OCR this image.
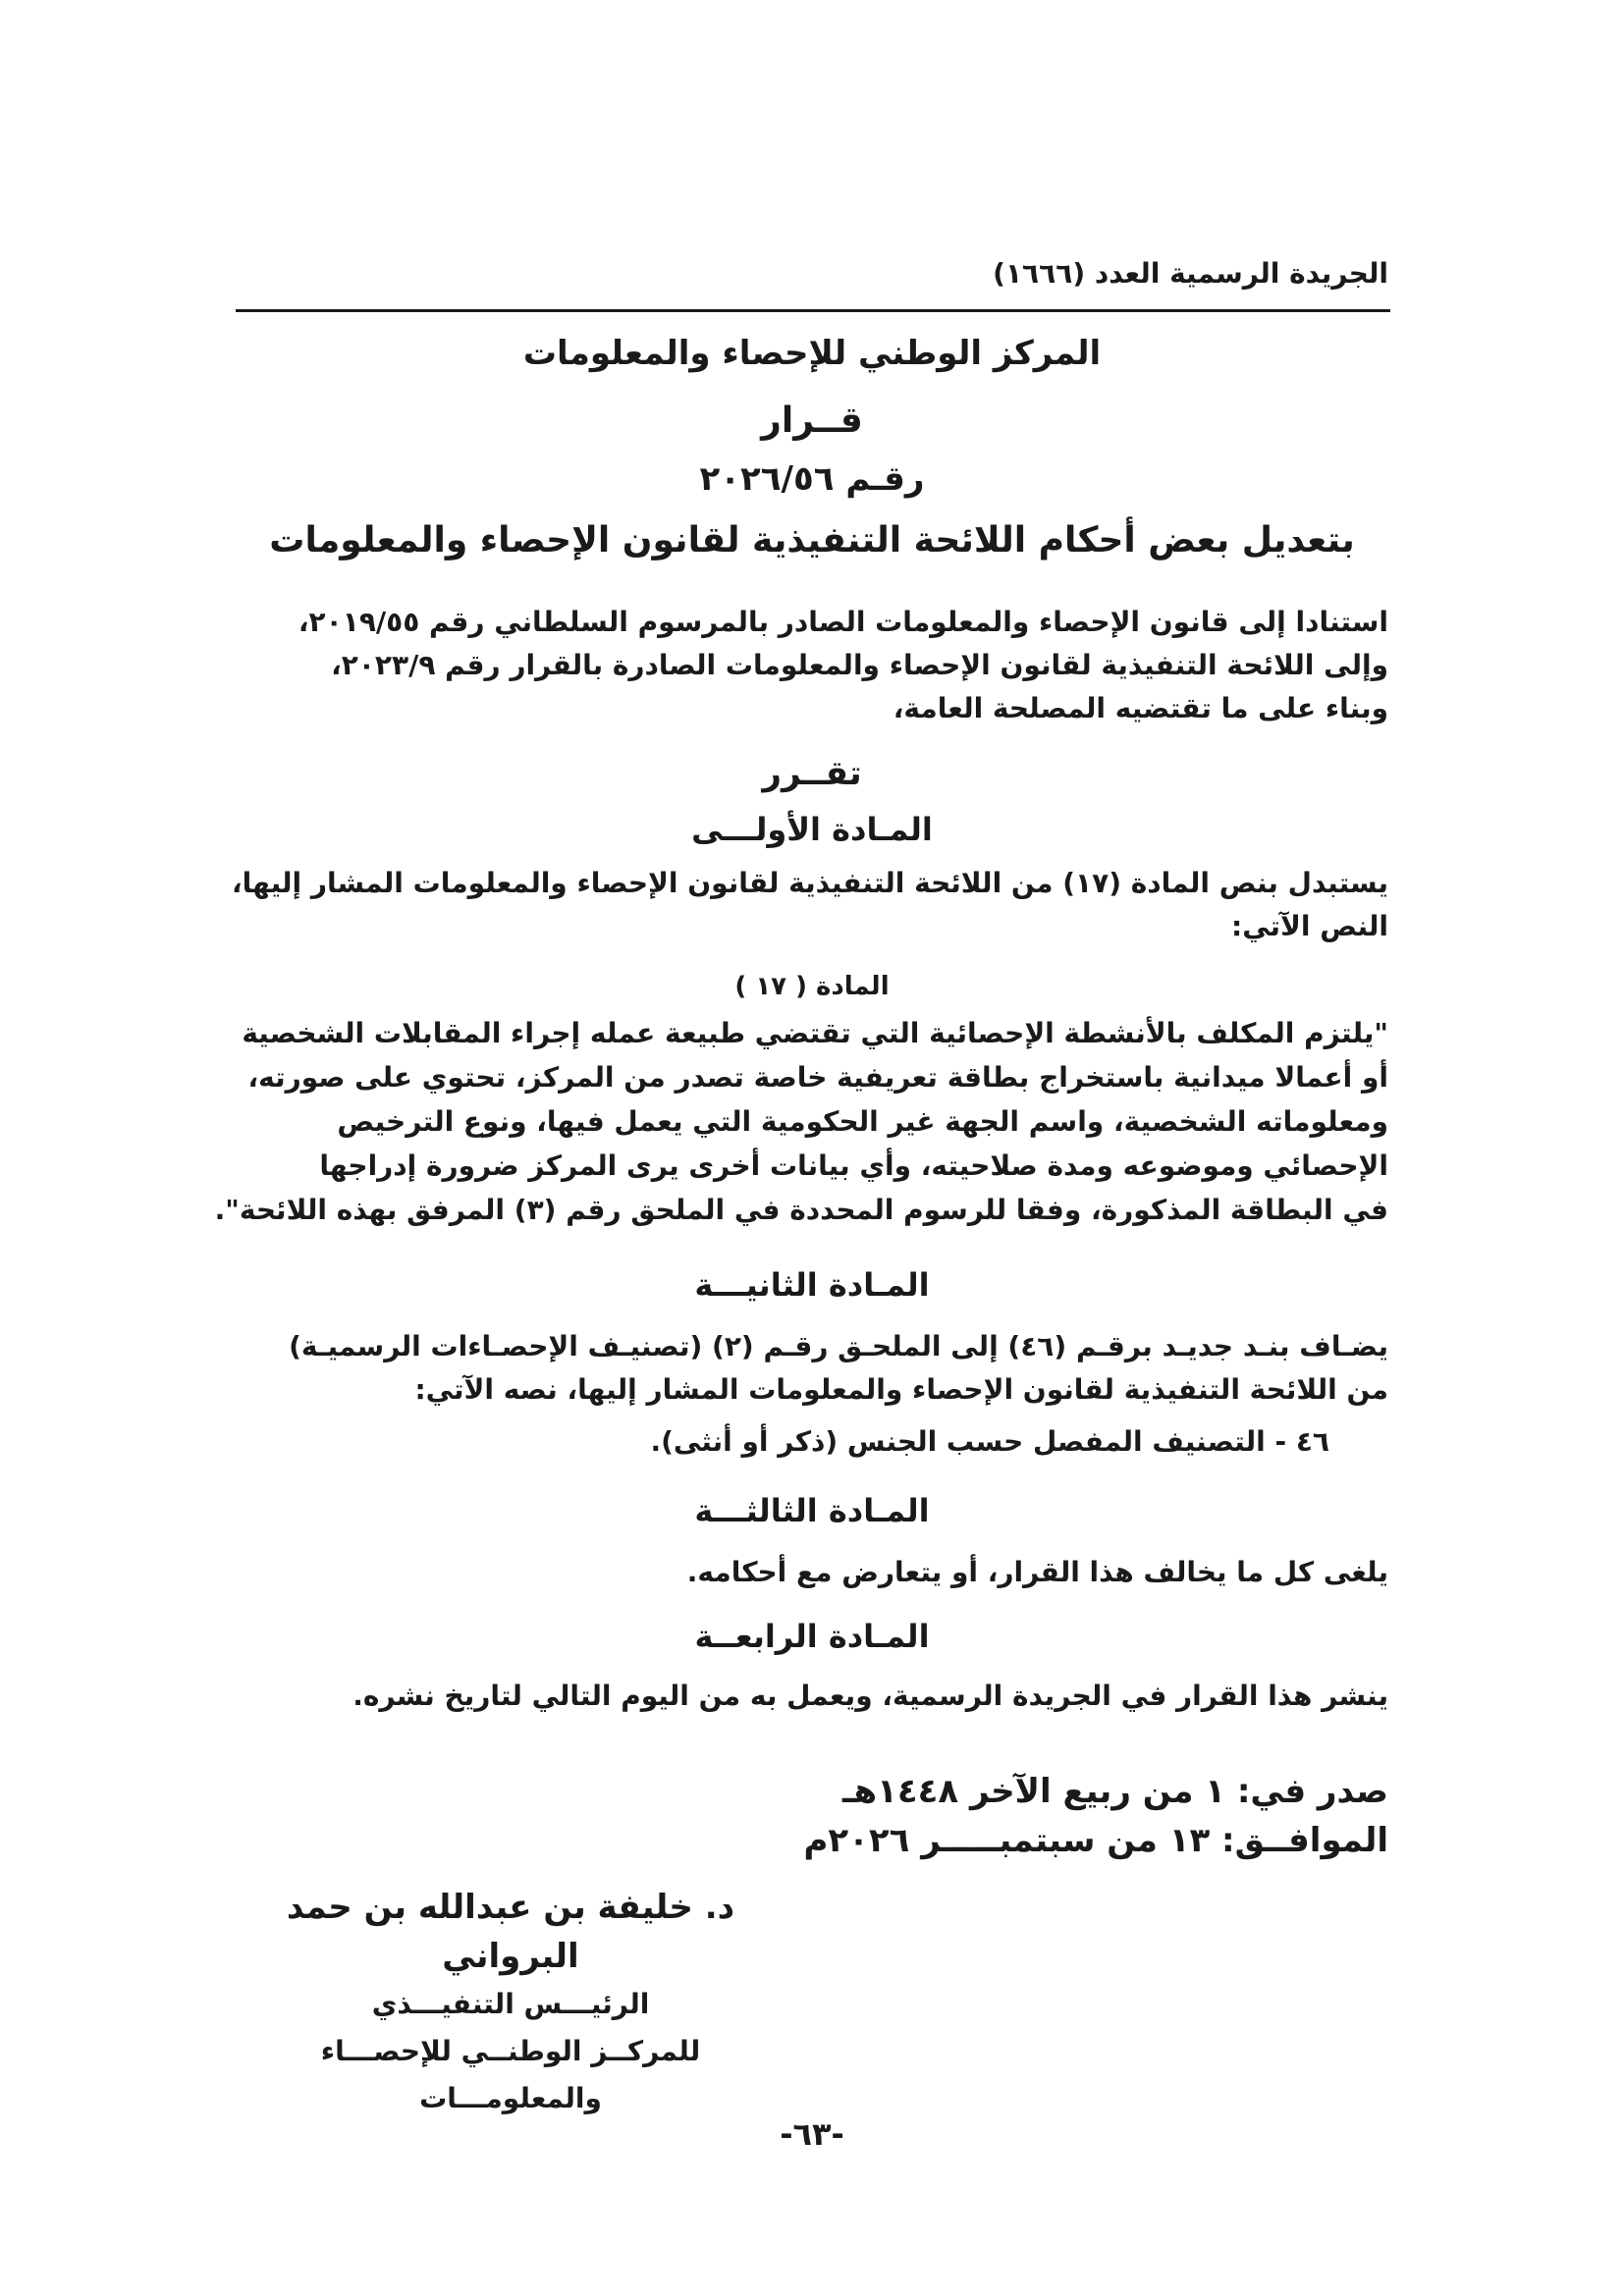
الجريدة الرسمية العدد (١٦٦٦)
المركز الوطني للإحصاء والمعلومات
قــرار
رقـم ٢٠٢٦/٥٦
بتعديل بعض أحكام اللائحة التنفيذية لقانون الإحصاء والمعلومات
استنادا إلى قانون الإحصاء والمعلومات الصادر بالمرسوم السلطاني رقم ٢٠١٩/٥٥،
وإلى اللائحة التنفيذية لقانون الإحصاء والمعلومات الصادرة بالقرار رقم ٢٠٢٣/٩،
وبناء على ما تقتضيه المصلحة العامة،
تقــرر
المـادة الأولـــى
يستبدل بنص المادة (١٧) من اللائحة التنفيذية لقانون الإحصاء والمعلومات المشار إليها،
النص الآتي:
المادة ( ١٧ )
"يلتزم المكلف بالأنشطة الإحصائية التي تقتضي طبيعة عمله إجراء المقابلات الشخصية
أو أعمالا ميدانية باستخراج بطاقة تعريفية خاصة تصدر من المركز، تحتوي على صورته،
ومعلوماته الشخصية، واسم الجهة غير الحكومية التي يعمل فيها، ونوع الترخيص
الإحصائي وموضوعه ومدة صلاحيته، وأي بيانات أخرى يرى المركز ضرورة إدراجها
في البطاقة المذكورة، وفقا للرسوم المحددة في الملحق رقم (٣) المرفق بهذه اللائحة".
المـادة الثانيـــة
يضـاف بنـد جديـد برقـم (٤٦) إلى الملحـق رقـم (٢) (تصنيـف الإحصـاءات الرسميـة)
من اللائحة التنفيذية لقانون الإحصاء والمعلومات المشار إليها، نصه الآتي:
٤٦ - التصنيف المفصل حسب الجنس (ذكر أو أنثى).
المـادة الثالثـــة
يلغى كل ما يخالف هذا القرار، أو يتعارض مع أحكامه.
المـادة الرابعــة
ينشر هذا القرار في الجريدة الرسمية، ويعمل به من اليوم التالي لتاريخ نشره.
صدر في: ١ من ربيع الآخر ١٤٤٨هـ
الموافــق: ١٣ من سبتمبـــــر ٢٠٢٦م
د. خليفة بن عبدالله بن حمد البرواني
الرئيـــس التنفيـــذي
للمركــز الوطنــي للإحصـــاء والمعلومـــات
-٦٣-
